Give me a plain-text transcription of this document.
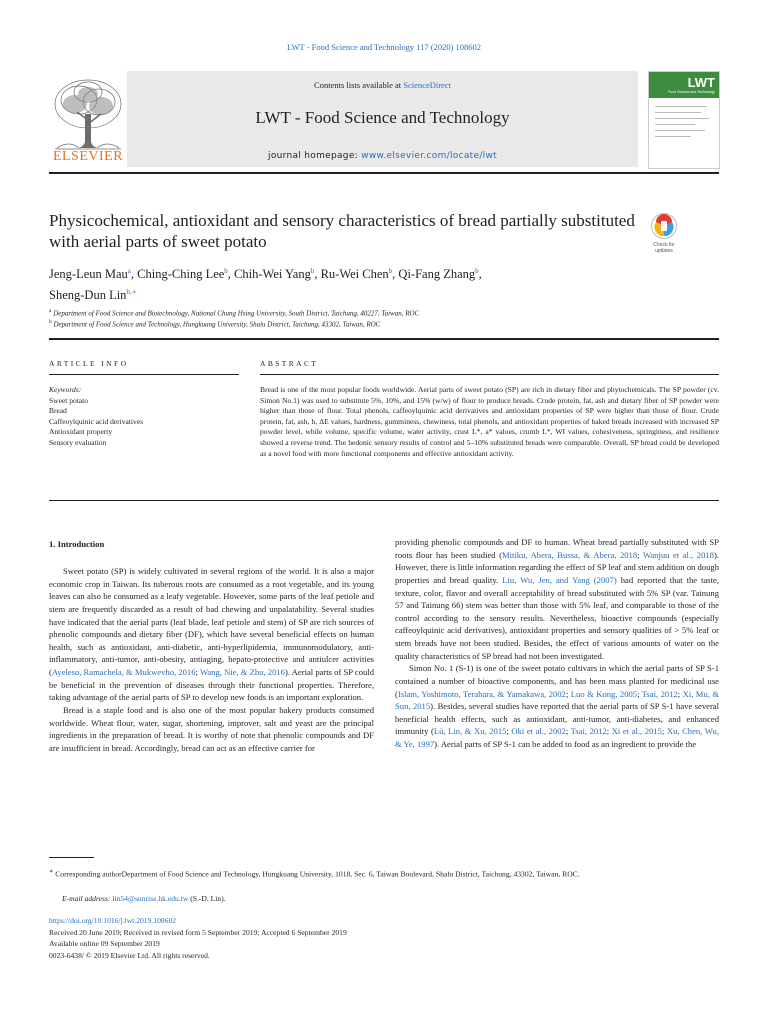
LWT - Food Science and Technology 117 (2020) 108602
Contents lists available at ScienceDirect
LWT - Food Science and Technology
journal homepage: www.elsevier.com/locate/lwt
ELSEVIER
LWT
Food Science and Technology
Physicochemical, antioxidant and sensory characteristics of bread partially substituted with aerial parts of sweet potato	Check for updates
Jeng-Leun Mau$^a$, Ching-Ching Lee$^b$, Chih-Wei Yang$^b$, Ru-Wei Chen$^b$, Qi-Fang Zhang$^b$,
Sheng-Dun Lin$^{b,∗}$
$^a$ Department of Food Science and Biotechnology, National Chung Hsing University, South District, Taichung, 40227, Taiwan, ROC
$^b$ Department of Food Science and Technology, Hungkuang University, Shalu District, Taichung, 43302, Taiwan, ROC
ARTICLE INFO	ABSTRACT
Keywords:
Sweet potato
Bread
Caffeoylquinic acid derivatives
Antioxidant property
Sensory evaluation
Bread is one of the most popular foods worldwide. Aerial parts of sweet potato (SP) are rich in dietary fiber and phytochemicals. The SP powder (cv. Simon No.1) was used to substitute 5%, 10%, and 15% (w/w) of flour to produce breads. Crude protein, fat, ash and dietary fiber of SP powder were higher than those of flour. Total phenols, caffeoylquinic acid derivatives and antioxidant properties of SP were higher than those of flour. Crude protein, fat, ash, h, ΔE values, hardness, gumminess, chewiness, total phenols, and antioxidant properties of baked breads increased with increased SP powder level, while volume, specific volume, water activity, crust L*, a* values, crumb L*, WI values, cohesiveness, springiness, and resilience showed a reverse trend. The hedonic sensory results of control and 5–10% substituted breads were comparable. Overall, SP bread could be developed as a novel food with more functional components and effective antioxidant activity.
1. Introduction

Sweet potato (SP) is widely cultivated in several regions of the world. It is also a major economic crop in Taiwan. Its tuberous roots are consumed as a root vegetable, and its young leaves can also be consumed as a leafy vegetable. However, some parts of the leaf petiole and stem are frequently discarded as a result of bad chewing and unpalatability. Several studies have indicated that the aerial parts (leaf blade, leaf petiole and stem) of SP are rich sources of phenolic compounds and dietary fiber (DF), which have several beneficial effects on human health, such as antioxidant, anti-diabetic, anti-hyperlipidemia, immunomodulatory, anti-inflammatory, anti-tumor, anti-obesity, antiaging, hepato-protective and antiulcer activities (Ayeleso, Ramachela, & Mukwevho, 2016; Wang, Nie, & Zhu, 2016). Aerial parts of SP could be beneficial in the prevention of diseases through their functional properties. Therefore, taking advantage of the aerial parts of SP to develop new foods is an important exploration.

Bread is a staple food and is also one of the most popular bakery products consumed worldwide. Wheat flour, water, sugar, shortening, improver, salt and yeast are the principal ingredients in the preparation of bread. It is worthy of note that phenolic compounds and DF are insufficient in bread. Accordingly, bread can act as an effective carrier for

providing phenolic compounds and DF to human. Wheat bread partially substituted with SP roots flour has been studied (Mitiku, Abera, Bussa, & Abera, 2018; Wanjuu et al., 2018). However, there is little information regarding the effect of SP leaf and stem addition on dough properties and bread quality. Liu, Wu, Jen, and Yang (2007) had reported that the taste, texture, color, flavor and overall acceptability of bread substituted with 5% SP (var. Tainung 57 and Tainung 66) stem was better than those with 5% leaf, and comparable to those of the control according to the sensory results. Nevertheless, bioactive compounds (especially caffeoylquinic acid derivatives), antioxidant properties and sensory qualities of > 5% leaf or stem breads have not been studied. Besides, the effect of various amounts of water on the quality characteristics of SP bread had not been investigated.

Simon No. 1 (S-1) is one of the sweet potato cultivars in which the aerial parts of SP S-1 contained a number of bioactive components, and has been mass planted for medicinal use (Islam, Yoshimoto, Terahara, & Yamakawa, 2002; Luo & Kong, 2005; Tsai, 2012; Xi, Mu, & Sun, 2015). Besides, several studies have reported that the aerial parts of SP S-1 have several beneficial health effects, such as antioxidant, anti-tumor, anti-diabetes, and enhanced immunity (Lü, Lin, & Xu, 2015; Oki et al., 2002; Tsai, 2012; Xi et al., 2015; Xu, Chen, Wu, & Ye, 1997). Aerial parts of SP S-1 can be added to food as an ingredient to provide the

∗ Corresponding authorDepartment of Food Science and Technology, Hungkuang University, 1018, Sec. 6, Taiwan Boulevard, Shalu District, Taichung, 43302, Taiwan, ROC.
E-mail address: lin54@sunrise.hk.edu.tw (S.-D. Lin).
https://doi.org/10.1016/j.lwt.2019.108602
Received 20 June 2019; Received in revised form 5 September 2019; Accepted 6 September 2019
Available online 09 September 2019
0023-6438/ © 2019 Elsevier Ltd. All rights reserved.
